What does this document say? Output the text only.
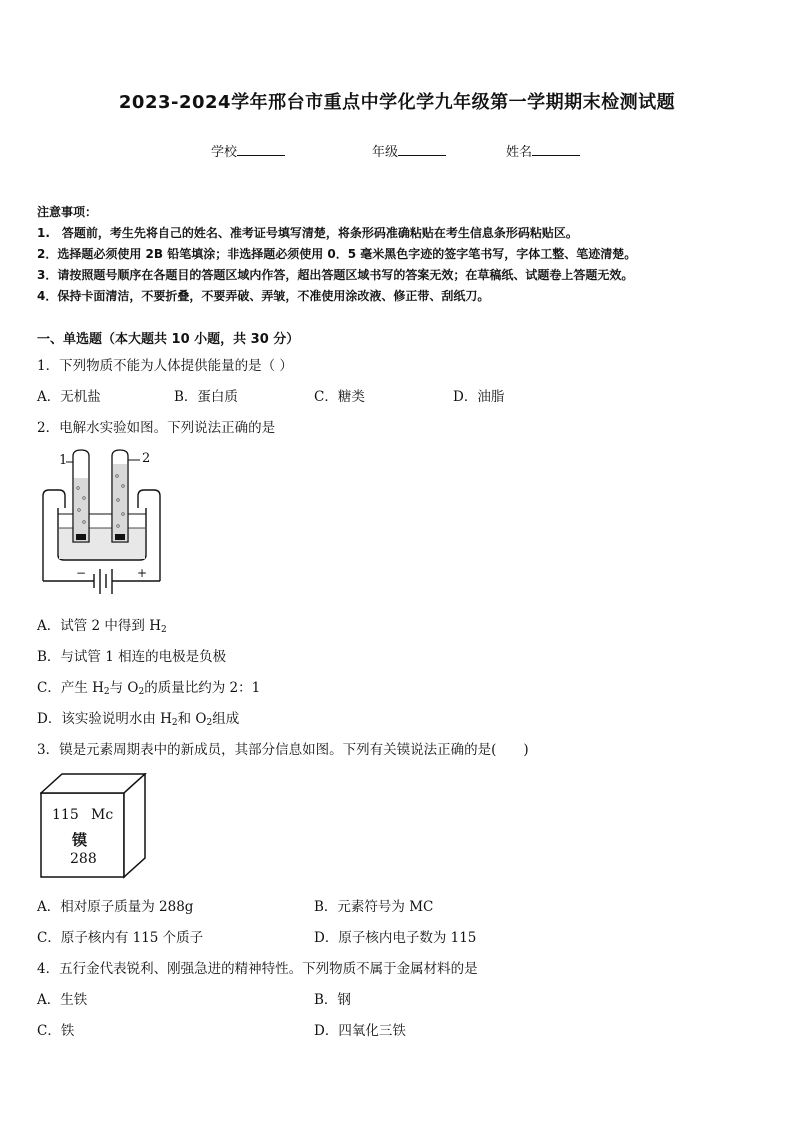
2023-2024学年邢台市重点中学化学九年级第一学期期末检测试题
学校	年级	姓名
注意事项：
1.　答题前，考生先将自己的姓名、准考证号填写清楚，将条形码准确粘贴在考生信息条形码粘贴区。
2．选择题必须使用 2B 铅笔填涂；非选择题必须使用 0．5 毫米黑色字迹的签字笔书写，字体工整、笔迹清楚。
3．请按照题号顺序在各题目的答题区域内作答，超出答题区域书写的答案无效；在草稿纸、试题卷上答题无效。
4．保持卡面清洁，不要折叠，不要弄破、弄皱，不准使用涂改液、修正带、刮纸刀。
一、单选题（本大题共 10 小题，共 30 分）
1．下列物质不能为人体提供能量的是（ ）
A．无机盐	B．蛋白质	C．糖类	D．油脂
2．电解水实验如图。下列说法正确的是
1	2
−	+
A．试管 2 中得到 $H_2$
B．与试管 1 相连的电极是负极
C．产生 $H_2$与 $O_2$的质量比约为 2：1
D．该实验说明水由 $H_2$和 $O_2$组成
3．镆是元素周期表中的新成员，其部分信息如图。下列有关镆说法正确的是(　　)
115 Mc
镆
288
A．相对原子质量为 288g	B．元素符号为 MC
C．原子核内有 115 个质子	D．原子核内电子数为 115
4．五行金代表锐利、刚强急进的精神特性。下列物质不属于金属材料的是
A．生铁	B．钢
C．铁	D．四氧化三铁
